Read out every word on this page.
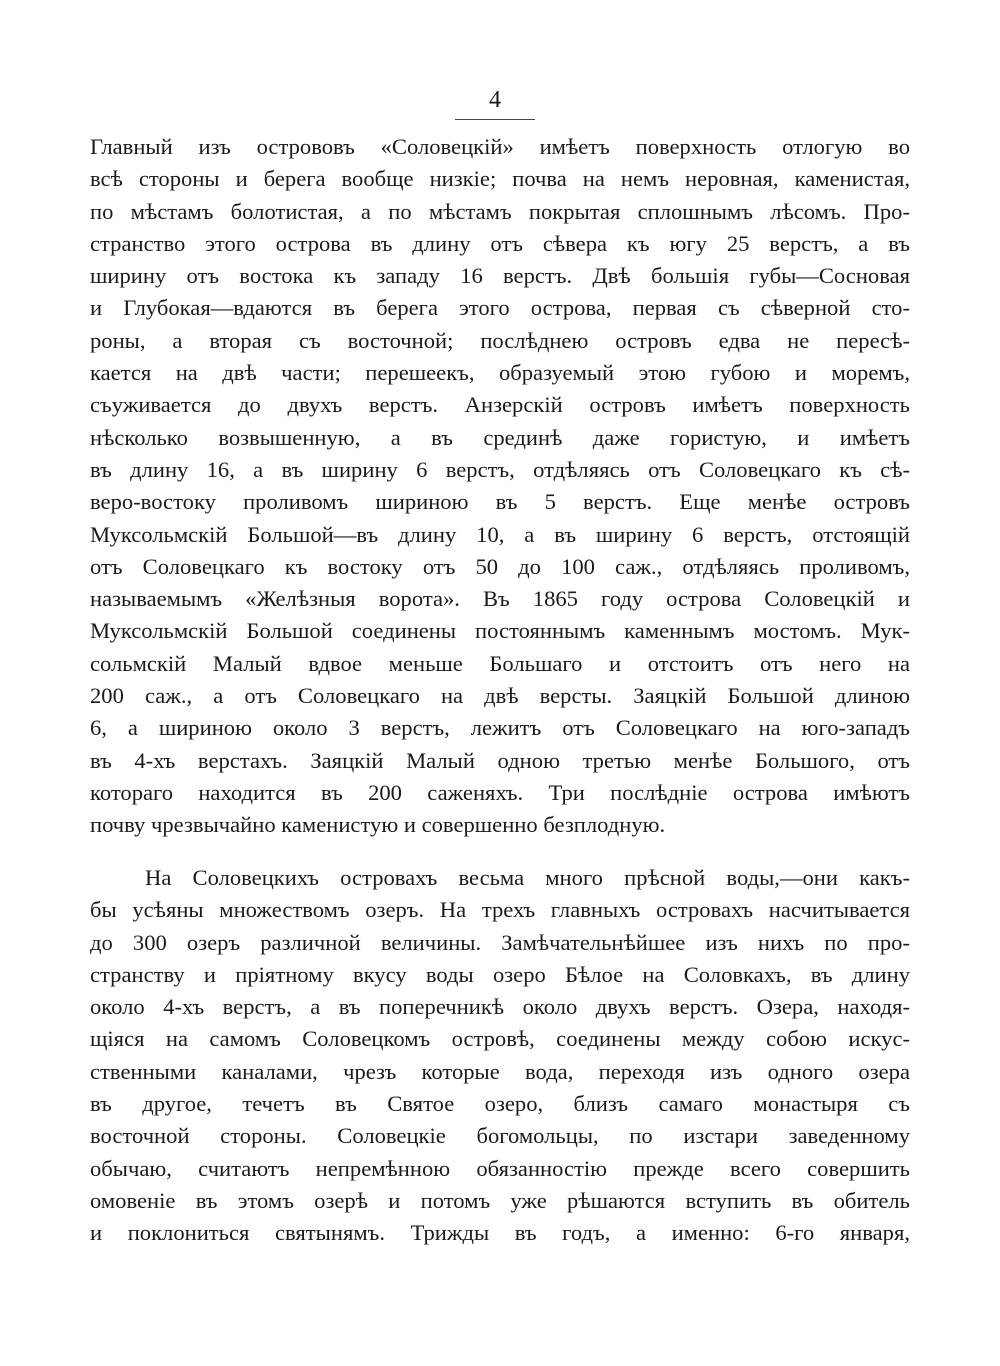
4
Главный изъ острововъ «Соловецкій» имѣетъ поверхность отлогую во
всѣ стороны и берега вообще низкіе; почва на немъ неровная, каменистая,
по мѣстамъ болотистая, а по мѣстамъ покрытая сплошнымъ лѣсомъ. Про-
странство этого острова въ длину отъ сѣвера къ югу 25 верстъ, а въ
ширину отъ востока къ западу 16 верстъ. Двѣ большія губы—Сосновая
и Глубокая—вдаются въ берега этого острова, первая съ сѣверной сто-
роны, а вторая съ восточной; послѣднею островъ едва не пересѣ-
кается на двѣ части; перешеекъ, образуемый этою губою и моремъ,
съуживается до двухъ верстъ. Анзерскій островъ имѣетъ поверхность
нѣсколько возвышенную, а въ срединѣ даже гористую, и имѣетъ
въ длину 16, а въ ширину 6 верстъ, отдѣляясь отъ Соловецкаго къ сѣ-
веро-востоку проливомъ шириною въ 5 верстъ. Еще менѣе островъ
Муксольмскій Большой—въ длину 10, а въ ширину 6 верстъ, отстоящій
отъ Соловецкаго къ востоку отъ 50 до 100 саж., отдѣляясь проливомъ,
называемымъ «Желѣзныя ворота». Въ 1865 году острова Соловецкій и
Муксольмскій Большой соединены постояннымъ каменнымъ мостомъ. Мук-
сольмскій Малый вдвое меньше Большаго и отстоитъ отъ него на
200 саж., а отъ Соловецкаго на двѣ версты. Заяцкій Большой длиною
6, а шириною около 3 верстъ, лежитъ отъ Соловецкаго на юго-западъ
въ 4-хъ верстахъ. Заяцкій Малый одною третью менѣе Большого, отъ
котораго находится въ 200 саженяхъ. Три послѣдніе острова имѣютъ
почву чрезвычайно каменистую и совершенно безплодную.
На Соловецкихъ островахъ весьма много прѣсной воды,—они какъ-
бы усѣяны множествомъ озеръ. На трехъ главныхъ островахъ насчитывается
до 300 озеръ различной величины. Замѣчательнѣйшее изъ нихъ по про-
странству и пріятному вкусу воды озеро Бѣлое на Соловкахъ, въ длину
около 4-хъ верстъ, а въ поперечникѣ около двухъ верстъ. Озера, находя-
щіяся на самомъ Соловецкомъ островѣ, соединены между собою искус-
ственными каналами, чрезъ которые вода, переходя изъ одного озера
въ другое, течетъ въ Святое озеро, близъ самаго монастыря съ
восточной стороны. Соловецкіе богомольцы, по изстари заведенному
обычаю, считаютъ непремѣнною обязанностію прежде всего совершить
омовеніе въ этомъ озерѣ и потомъ уже рѣшаются вступить въ обитель
и поклониться святынямъ. Трижды въ годъ, а именно: 6-го января,
